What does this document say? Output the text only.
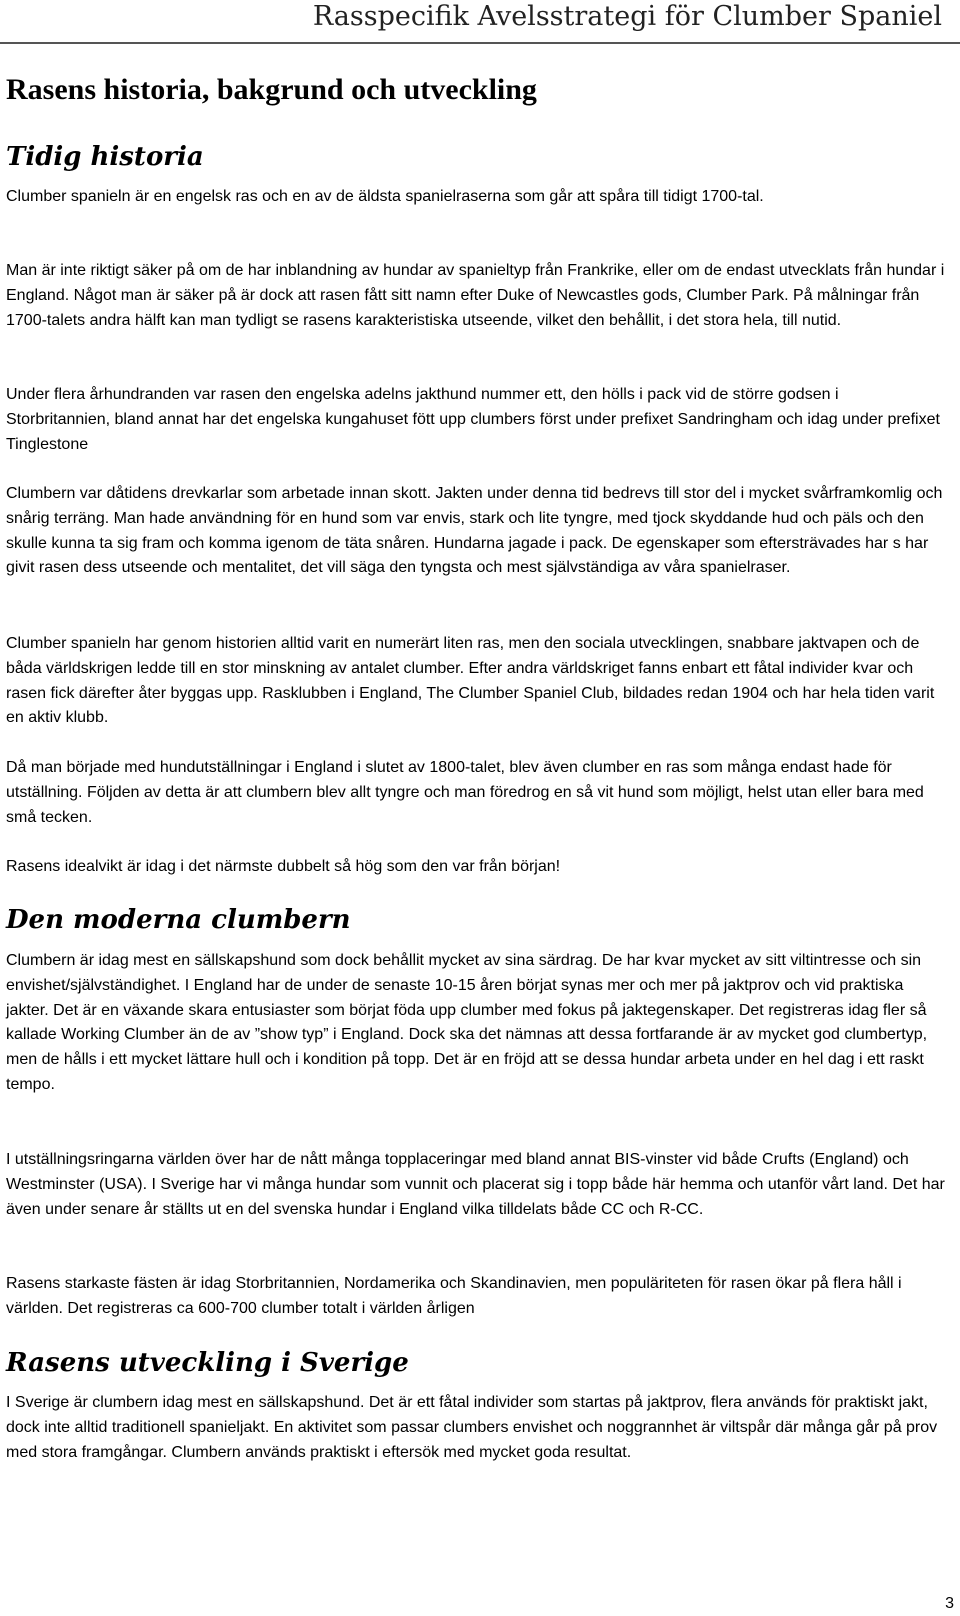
Rasspecifik Avelsstrategi för Clumber Spaniel
Rasens historia, bakgrund och utveckling
Tidig historia
Clumber spanieln är en engelsk ras och en av de äldsta spanielraserna som går att spåra till tidigt 1700-tal.
Man är inte riktigt säker på om de har inblandning av hundar av spanieltyp från Frankrike, eller om de endast utvecklats från hundar i England. Något man är säker på är dock att rasen fått sitt namn efter Duke of Newcastles gods, Clumber Park. På målningar från 1700-talets andra hälft kan man tydligt se rasens karakteristiska utseende, vilket den behållit, i det stora hela, till nutid.
Under flera århundranden var rasen den engelska adelns jakthund nummer ett, den hölls i pack vid de större godsen i Storbritannien, bland annat har det engelska kungahuset fött upp clumbers först under prefixet Sandringham och idag under prefixet Tinglestone
Clumbern var dåtidens drevkarlar som arbetade innan skott. Jakten under denna tid bedrevs till stor del i mycket svårframkomlig och snårig terräng. Man hade användning för en hund som var envis, stark och lite tyngre, med tjock skyddande hud och päls och den skulle kunna ta sig fram och komma igenom de täta snåren. Hundarna jagade i pack. De egenskaper som eftersträvades har s har givit rasen dess utseende och mentalitet, det vill säga den tyngsta och mest självständiga av våra spanielraser.
Clumber spanieln har genom historien alltid varit en numerärt liten ras, men den sociala utvecklingen, snabbare jaktvapen och de båda världskrigen ledde till en stor minskning av antalet clumber. Efter andra världskriget fanns enbart ett fåtal individer kvar och rasen fick därefter åter byggas upp. Rasklubben i England, The Clumber Spaniel Club, bildades redan 1904 och har hela tiden varit en aktiv klubb.
Då man började med hundutställningar i England i slutet av 1800-talet, blev även clumber en ras som många endast hade för utställning. Följden av detta är att clumbern blev allt tyngre och man föredrog en så vit hund som möjligt, helst utan eller bara med små tecken.
Rasens idealvikt är idag i det närmste dubbelt så hög som den var från början!
Den moderna clumbern
Clumbern är idag mest en sällskapshund som dock behållit mycket av sina särdrag. De har kvar mycket av sitt viltintresse och sin envishet/självständighet. I England har de under de senaste 10-15 åren börjat synas mer och mer på jaktprov och vid praktiska jakter. Det är en växande skara entusiaster som börjat föda upp clumber med fokus på jaktegenskaper. Det registreras idag fler så kallade Working Clumber än de av ”show typ” i England. Dock ska det nämnas att dessa fortfarande är av mycket god clumbertyp, men de hålls i ett mycket lättare hull och i kondition på topp. Det är en fröjd att se dessa hundar arbeta under en hel dag i ett raskt tempo.
I utställningsringarna världen över har de nått många topplaceringar med bland annat BIS-vinster vid både Crufts (England) och Westminster (USA). I Sverige har vi många hundar som vunnit och placerat sig i topp både här hemma och utanför vårt land. Det har även under senare år ställts ut en del svenska hundar i England vilka tilldelats både CC och R-CC.
Rasens starkaste fästen är idag Storbritannien, Nordamerika och Skandinavien, men populäriteten för rasen ökar på flera håll i världen. Det registreras ca 600-700 clumber totalt i världen årligen
Rasens utveckling i Sverige
I Sverige är clumbern idag mest en sällskapshund. Det är ett fåtal individer som startas på jaktprov, flera används för praktiskt jakt, dock inte alltid traditionell spanieljakt. En aktivitet som passar clumbers envishet och noggrannhet är viltspår där många går på prov med stora framgångar. Clumbern används praktiskt i eftersök med mycket goda resultat.
3
